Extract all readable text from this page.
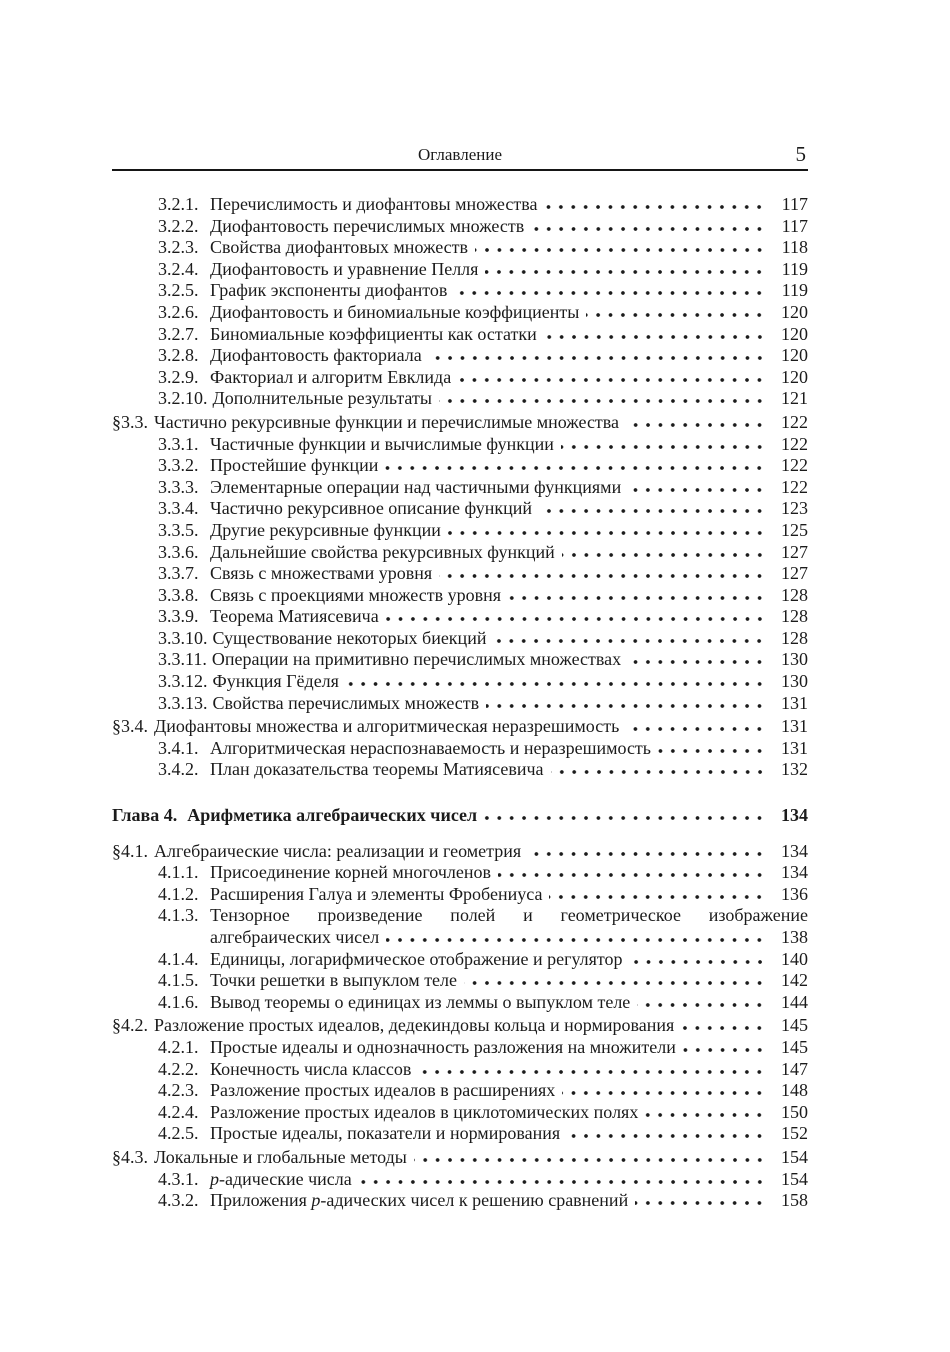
Оглавление	5
3.2.1. Перечислимость и диофантовы множества	117
3.2.2. Диофантовость перечислимых множеств	117
3.2.3. Свойства диофантовых множеств	118
3.2.4. Диофантовость и уравнение Пелля	119
3.2.5. График экспоненты диофантов	119
3.2.6. Диофантовость и биномиальные коэффициенты	120
3.2.7. Биномиальные коэффициенты как остатки	120
3.2.8. Диофантовость факториала	120
3.2.9. Факториал и алгоритм Евклида	120
3.2.10. Дополнительные результаты	121
§3.3. Частично рекурсивные функции и перечислимые множества	122
3.3.1. Частичные функции и вычислимые функции	122
3.3.2. Простейшие функции	122
3.3.3. Элементарные операции над частичными функциями	122
3.3.4. Частично рекурсивное описание функций	123
3.3.5. Другие рекурсивные функции	125
3.3.6. Дальнейшие свойства рекурсивных функций	127
3.3.7. Связь с множествами уровня	127
3.3.8. Связь с проекциями множеств уровня	128
3.3.9. Теорема Матиясевича	128
3.3.10. Существование некоторых биекций	128
3.3.11. Операции на примитивно перечислимых множествах	130
3.3.12. Функция Гёделя	130
3.3.13. Свойства перечислимых множеств	131
§3.4. Диофантовы множества и алгоритмическая неразрешимость	131
3.4.1. Алгоритмическая нераспознаваемость и неразрешимость	131
3.4.2. План доказательства теоремы Матиясевича	132
Глава 4. Арифметика алгебраических чисел	134
§4.1. Алгебраические числа: реализации и геометрия	134
4.1.1. Присоединение корней многочленов	134
4.1.2. Расширения Галуа и элементы Фробениуса	136
4.1.3. Тензорное произведение полей и геометрическое изображение
алгебраических чисел	138
4.1.4. Единицы, логарифмическое отображение и регулятор	140
4.1.5. Точки решетки в выпуклом теле	142
4.1.6. Вывод теоремы о единицах из леммы о выпуклом теле	144
§4.2. Разложение простых идеалов, дедекиндовы кольца и нормирования	145
4.2.1. Простые идеалы и однозначность разложения на множители	145
4.2.2. Конечность числа классов	147
4.2.3. Разложение простых идеалов в расширениях	148
4.2.4. Разложение простых идеалов в циклотомических полях	150
4.2.5. Простые идеалы, показатели и нормирования	152
§4.3. Локальные и глобальные методы	154
4.3.1. p-адические числа	154
4.3.2. Приложения p-адических чисел к решению сравнений	158
